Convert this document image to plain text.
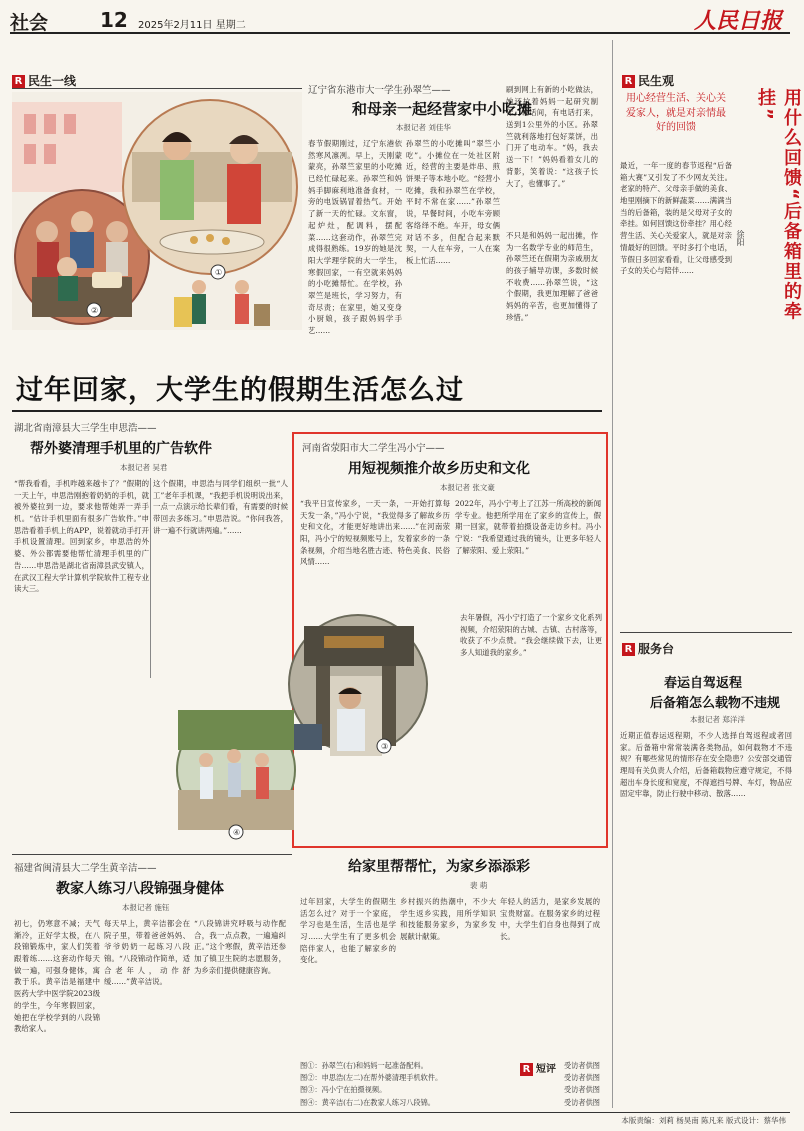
社会	12 2025年2月11日 星期二	人民日报
R 民生一线
②
①
辽宁省东港市大一学生孙翠竺——
和母亲一起经营家中小吃摊
本报记者 刘佳华
春节假期刚过，辽宁东港依然寒风凛冽。早上，天刚蒙蒙亮，孙翠竺家里的小吃摊已经忙碌起来。孙翠竺和妈妈手脚麻利地准备食材，一旁的电饭锅冒着热气。开始了新一天的忙碌。文东窗，起炉灶，配调料，摆配菜……这套动作，孙翠竺完成得很熟练。19岁的她是沈阳大学理学院的大一学生，寒假回家，一有空就来妈妈的小吃摊帮忙。在学校，孙翠竺是班长，学习努力，有奇尽责；在家里，她又变身小厨娘，孩子跟妈妈学手艺……
孙翠竺的小吃摊叫“翠竺小吃”。小摊位在一处社区附近，经营的主要是炸串、煎饼果子等本地小吃。“经营小吃摊，我和孙翠竺在学校，平时不常在家……”孙翠竺说，早餐时间，小吃车旁顾客络绎不绝。车开，母女俩对话不多，但配合起来默契，一人在车旁，一人在案板上忙活……
刷到网上有新的小吃做法，她还拉着妈妈一起研究制作。说话间，有电话打来，送到1公里外的小区。孙翠竺就利落地打包好菜饼，出门开了电动车。“妈，我去送一下！”妈妈看着女儿的背影，笑着说：“这孩子长大了，也懂事了。”
不只是和妈妈一起出摊，作为一名数学专业的师范生，孙翠竺还在假期为亲戚朋友的孩子辅导功课，多数时候不收费……孙翠竺说，“这个假期，我更加理解了爸爸妈妈的辛苦，也更加懂得了珍惜。”
过年回家，大学生的假期生活怎么过
湖北省南漳县大三学生申思浩——
帮外婆清理手机里的广告软件
本报记者 吴君
“帮我看看，手机咋越来越卡了？”假期的一天上午，申思浩刚抱着奶奶的手机，就被外婆拉到一边，要求他帮她弄一弄手机。“估计手机里面有很多广告软件。”申思浩看着手机上的APP，说着就动手打开手机设置清理。回到家乡，申思浩的外婆、外公都需要他帮忙清理手机里的广告……申思浩是湖北省南漳县武安镇人，在武汉工程大学计算机学院软件工程专业读大三。
这个假期，申思浩与同学们组织一批“人工”老年手机课，“我把手机说明说出来，一点一点演示给长辈们看，有需要的时候带回去多练习。”申思浩说。“你问我答，讲一遍不行就讲两遍。”……
河南省荥阳市大二学生冯小宁——
用短视频推介故乡历史和文化
本报记者 张文豪
“我平日宣传家乡，一天一条，一开始打算每天发一条，”冯小宁说，“我觉得多了解故乡历史和文化，才能更好地讲出来……”在河南荥阳，冯小宁的短视频账号上，发着家乡的一条条视频，介绍当地名胜古迹、特色美食、民俗风情……
2022年，冯小宁考上了江苏一所高校的新闻学专业。他把所学用在了家乡的宣传上，假期一回家，就带着拍摄设备走访乡村。冯小宁说：“我希望通过我的镜头，让更多年轻人了解荥阳、爱上荥阳。”
去年暑假，冯小宁打造了一个家乡文化系列视频，介绍荥阳的古城、古镇、古村落等，收获了不少点赞。“我会继续做下去，让更多人知道我的家乡。”
③
④
福建省闽清县大二学生黄辛洁——
教家人练习八段锦强身健体
本报记者 施钰
初七，仍寒意不减；天气渐冷，正好学太极，在八段锦锻炼中，家人们笑着跟着练……这套动作每天做一遍，可强身健体，寓教于乐。黄辛洁是福建中医药大学中医学院2023级的学生，今年寒假回家，她把在学校学到的八段锦教给家人。
每天早上，黄辛洁都会在院子里，带着爸爸妈妈、爷爷奶奶一起练习八段锦。“八段锦动作简单，适合老年人，动作舒缓……”黄辛洁说。
“八段锦讲究呼吸与动作配合，我一点点教，一遍遍纠正。”这个寒假，黄辛洁还参加了镇卫生院的志愿服务，为乡亲们提供健康咨询。
给家里帮帮忙，为家乡添添彩
裴 萌
过年回家，大学生的假期生活怎么过？对于一个家庭，学习也是生活，生活也是学习……大学生有了更多机会陪伴家人，也能了解家乡的变化。
乡村振兴的热潮中，不少大学生返乡实践，用所学知识和技能服务家乡，为家乡发展献计献策。
年轻人的活力，是家乡发展的宝贵财富。在服务家乡的过程中，大学生们自身也得到了成长。
R 短评
图①：孙翠竺(右)和妈妈一起准备配料。	受访者供图
图②：申思浩(左二)在帮外婆清理手机软件。	受访者供图
图③：冯小宁在拍摄视频。	受访者供图
图④：黄辛洁(右二)在教家人练习八段锦。	受访者供图
R 民生观
用心经营生活、关心关爱家人，就是对亲情最好的回馈	用什么回馈“后备箱里的牵挂”
徐阳
最近，一年一度的春节返程“后备箱大赛”又引发了不少网友关注。老家的特产、父母亲手做的美食、地里刚摘下的新鲜蔬菜……满满当当的后备箱，装的是父母对子女的牵挂。如何回馈这份牵挂？用心经营生活、关心关爱家人，就是对亲情最好的回馈。平时多打个电话，节假日多回家看看，让父母感受到子女的关心与陪伴……
R 服务台
春运自驾返程
后备箱怎么载物不违规
本报记者 郑洋洋
近期正值春运返程期，不少人选择自驾返程或者回家。后备箱中常常装满各类物品，如何载物才不违规？有哪些常见的情形存在安全隐患？公安部交通管理局有关负责人介绍，后备箱载物应遵守规定，不得超出车身长度和宽度，不得遮挡号牌、车灯，物品应固定牢靠，防止行驶中移动、散落……
本版责编：刘莉 杨昊南 陈凡来 版式设计：蔡华伟
